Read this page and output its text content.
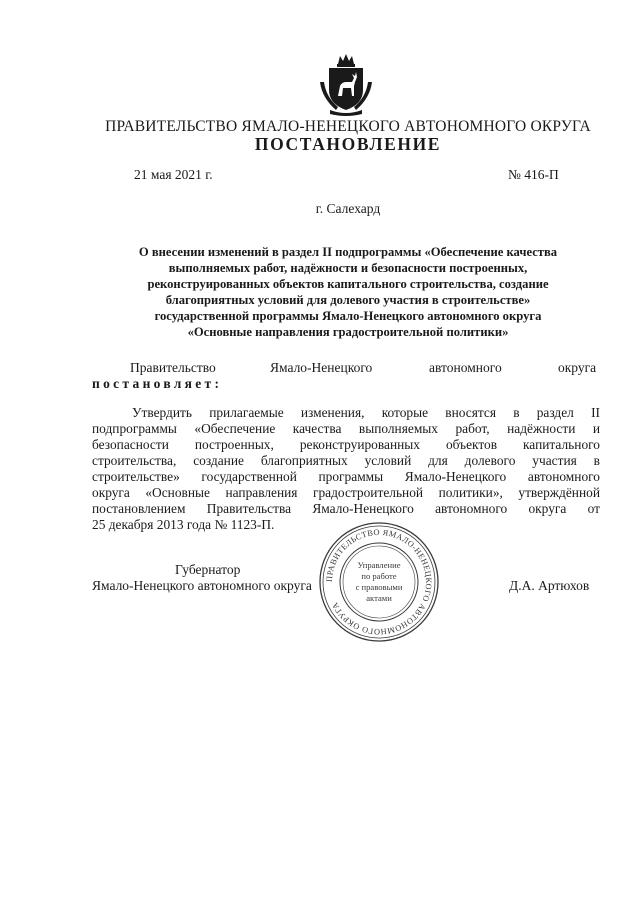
ПРАВИТЕЛЬСТВО ЯМАЛО-НЕНЕЦКОГО АВТОНОМНОГО ОКРУГА
ПОСТАНОВЛЕНИЕ
21 мая 2021 г.	№ 416-П
г. Салехард
О внесении изменений в раздел II подпрограммы «Обеспечение качества
выполняемых работ, надёжности и безопасности построенных,
реконструированных объектов капитального строительства, создание
благоприятных условий для долевого участия в строительстве»
государственной программы Ямало-Ненецкого автономного округа
«Основные направления градостроительной политики»
Правительство	Ямало-Ненецкого	автономного	округа
постановляет:
Утвердить прилагаемые изменения, которые вносятся в раздел II
подпрограммы «Обеспечение качества выполняемых работ, надёжности и
безопасности построенных, реконструированных объектов капитального
строительства, создание благоприятных условий для долевого участия в
строительстве» государственной программы Ямало-Ненецкого автономного
округа «Основные направления градостроительной политики», утверждённой
постановлением Правительства Ямало-Ненецкого автономного округа от
25 декабря 2013 года № 1123-П.
Губернатор
Ямало-Ненецкого автономного округа	Д.А. Артюхов
ПРАВИТЕЛЬСТВО ЯМАЛО-НЕНЕЦКОГО АВТОНОМНОГО ОКРУГА
Управление
по работе
с правовыми
актами
